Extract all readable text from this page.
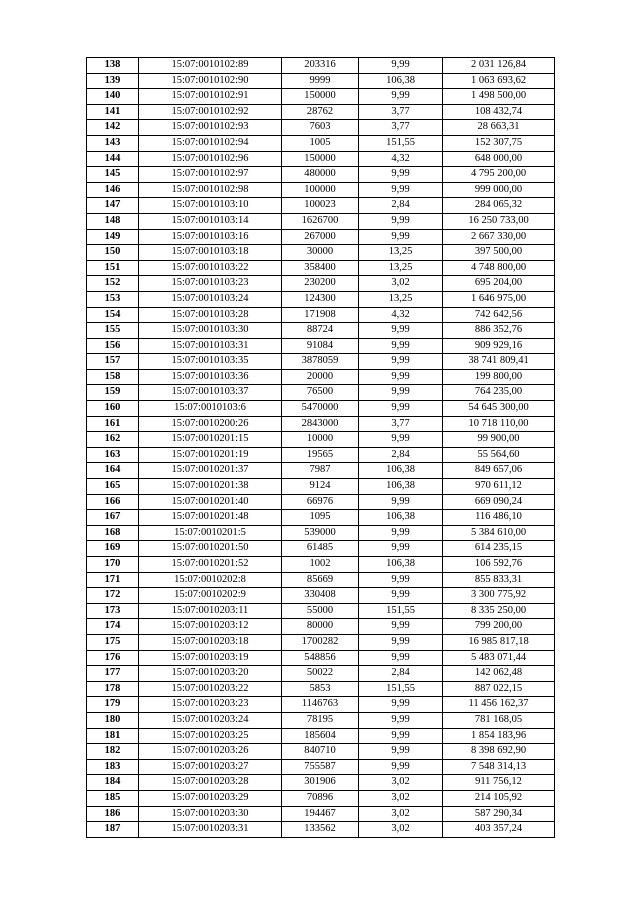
138	15:07:0010102:89	203316	9,99	2 031 126,84
139	15:07:0010102:90	9999	106,38	1 063 693,62
140	15:07:0010102:91	150000	9,99	1 498 500,00
141	15:07:0010102:92	28762	3,77	108 432,74
142	15:07:0010102:93	7603	3,77	28 663,31
143	15:07:0010102:94	1005	151,55	152 307,75
144	15:07:0010102:96	150000	4,32	648 000,00
145	15:07:0010102:97	480000	9,99	4 795 200,00
146	15:07:0010102:98	100000	9,99	999 000,00
147	15:07:0010103:10	100023	2,84	284 065,32
148	15:07:0010103:14	1626700	9,99	16 250 733,00
149	15:07:0010103:16	267000	9,99	2 667 330,00
150	15:07:0010103:18	30000	13,25	397 500,00
151	15:07:0010103:22	358400	13,25	4 748 800,00
152	15:07:0010103:23	230200	3,02	695 204,00
153	15:07:0010103:24	124300	13,25	1 646 975,00
154	15:07:0010103:28	171908	4,32	742 642,56
155	15:07:0010103:30	88724	9,99	886 352,76
156	15:07:0010103:31	91084	9,99	909 929,16
157	15:07:0010103:35	3878059	9,99	38 741 809,41
158	15:07:0010103:36	20000	9,99	199 800,00
159	15:07:0010103:37	76500	9,99	764 235,00
160	15:07:0010103:6	5470000	9,99	54 645 300,00
161	15:07:0010200:26	2843000	3,77	10 718 110,00
162	15:07:0010201:15	10000	9,99	99 900,00
163	15:07:0010201:19	19565	2,84	55 564,60
164	15:07:0010201:37	7987	106,38	849 657,06
165	15:07:0010201:38	9124	106,38	970 611,12
166	15:07:0010201:40	66976	9,99	669 090,24
167	15:07:0010201:48	1095	106,38	116 486,10
168	15:07:0010201:5	539000	9,99	5 384 610,00
169	15:07:0010201:50	61485	9,99	614 235,15
170	15:07:0010201:52	1002	106,38	106 592,76
171	15:07:0010202:8	85669	9,99	855 833,31
172	15:07:0010202:9	330408	9,99	3 300 775,92
173	15:07:0010203:11	55000	151,55	8 335 250,00
174	15:07:0010203:12	80000	9,99	799 200,00
175	15:07:0010203:18	1700282	9,99	16 985 817,18
176	15:07:0010203:19	548856	9,99	5 483 071,44
177	15:07:0010203:20	50022	2,84	142 062,48
178	15:07:0010203:22	5853	151,55	887 022,15
179	15:07:0010203:23	1146763	9,99	11 456 162,37
180	15:07:0010203:24	78195	9,99	781 168,05
181	15:07:0010203:25	185604	9,99	1 854 183,96
182	15:07:0010203:26	840710	9,99	8 398 692,90
183	15:07:0010203:27	755587	9,99	7 548 314,13
184	15:07:0010203:28	301906	3,02	911 756,12
185	15:07:0010203:29	70896	3,02	214 105,92
186	15:07:0010203:30	194467	3,02	587 290,34
187	15:07:0010203:31	133562	3,02	403 357,24
